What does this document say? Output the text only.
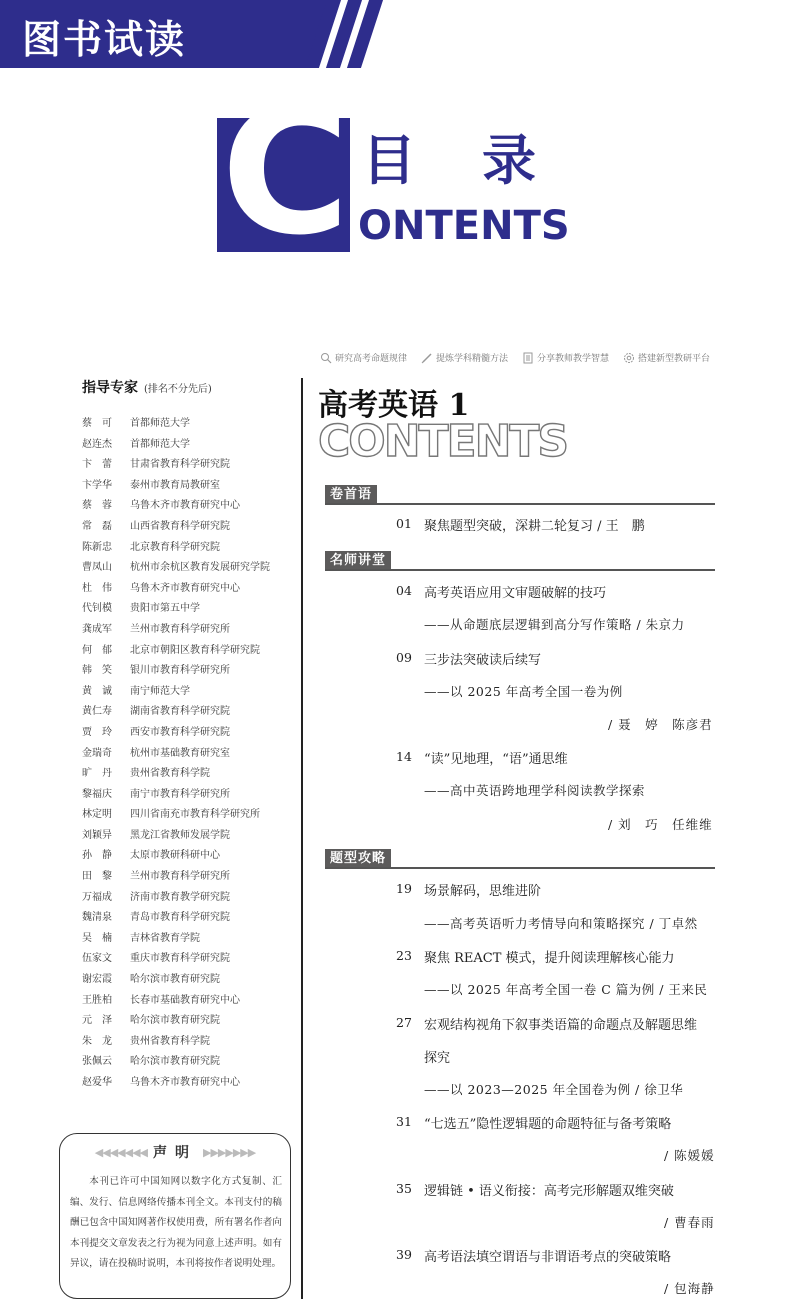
图书试读
C 目录
ONTENTS
研究高考命题规律	提炼学科精髓方法	分享教师教学智慧	搭建新型教研平台
指导专家 (排名不分先后)
蔡　可	首都师范大学
赵连杰	首都师范大学
卞　蕾	甘肃省教育科学研究院
卞学华	泰州市教育局教研室
蔡　蓉	乌鲁木齐市教育研究中心
常　磊	山西省教育科学研究院
陈新忠	北京教育科学研究院
曹凤山	杭州市余杭区教育发展研究学院
杜　伟	乌鲁木齐市教育研究中心
代钊模	贵阳市第五中学
龚成军	兰州市教育科学研究所
何　郁	北京市朝阳区教育科学研究院
韩　笑	银川市教育科学研究所
黄　诚	南宁师范大学
黄仁寿	湖南省教育科学研究院
贾　玲	西安市教育科学研究院
金瑞奇	杭州市基础教育研究室
旷　丹	贵州省教育科学院
黎福庆	南宁市教育科学研究所
林定明	四川省南充市教育科学研究所
刘颖异	黑龙江省教师发展学院
孙　静	太原市教研科研中心
田　黎	兰州市教育科学研究所
万福成	济南市教育教学研究院
魏清泉	青岛市教育科学研究院
吴　楠	吉林省教育学院
伍家文	重庆市教育科学研究院
谢宏霞	哈尔滨市教育研究院
王胜柏	长春市基础教育研究中心
元　泽	哈尔滨市教育研究院
朱　龙	贵州省教育科学院
张佩云	哈尔滨市教育研究院
赵爱华	乌鲁木齐市教育研究中心
◀◀◀◀◀◀◀ 声明 ▶▶▶▶▶▶▶
本刊已许可中国知网以数字化方式复制、汇编、发行、信息网络传播本刊全文。本刊支付的稿酬已包含中国知网著作权使用费，所有署名作者向本刊提交文章发表之行为视为同意上述声明。如有异议，请在投稿时说明，本刊将按作者说明处理。
高考英语 1
CONTENTS
卷首语
01 聚焦题型突破，深耕二轮复习 / 王　鹏
名师讲堂
04 高考英语应用文审题破解的技巧
——从命题底层逻辑到高分写作策略 / 朱京力
09 三步法突破读后续写
——以 2025 年高考全国一卷为例
/ 聂　婷　陈彦君
14 “读”见地理，“语”通思维
——高中英语跨地理学科阅读教学探索
/ 刘　巧　任维维
题型攻略
19 场景解码，思维进阶
——高考英语听力考情导向和策略探究 / 丁卓然
23 聚焦 REACT 模式，提升阅读理解核心能力
——以 2025 年高考全国一卷 C 篇为例 / 王来民
27 宏观结构视角下叙事类语篇的命题点及解题思维
探究
——以 2023—2025 年全国卷为例 / 徐卫华
31 “七选五”隐性逻辑题的命题特征与备考策略
/ 陈媛媛
35 逻辑链 • 语义衔接：高考完形解题双维突破
/ 曹春雨
39 高考语法填空谓语与非谓语考点的突破策略
/ 包海静
